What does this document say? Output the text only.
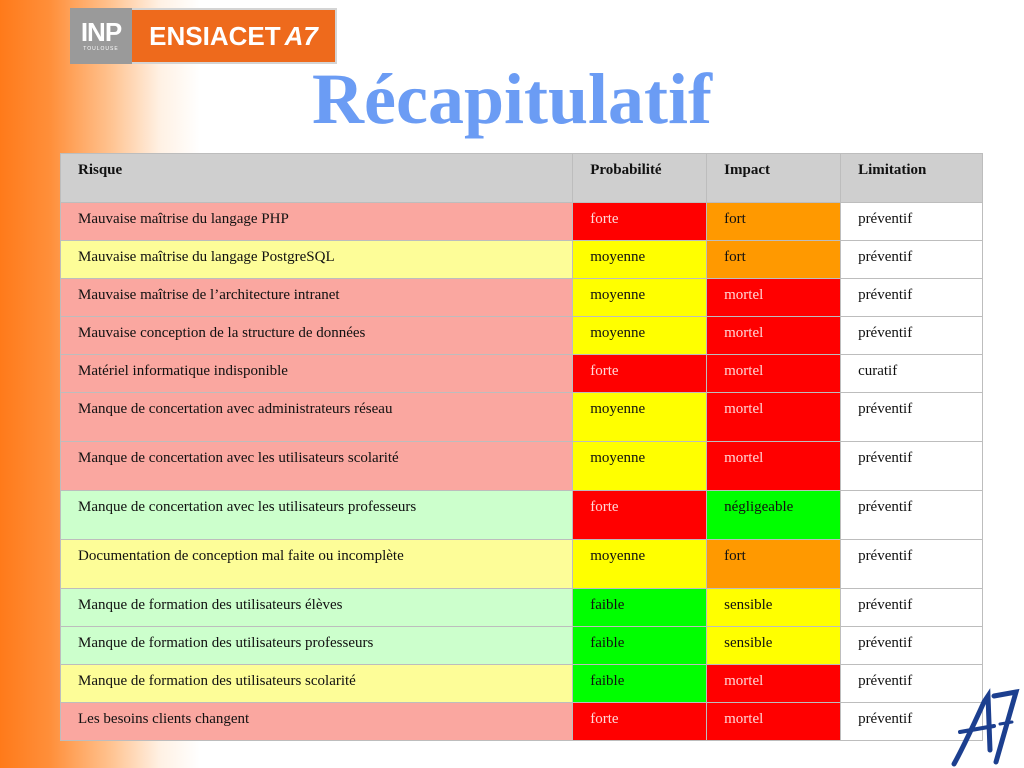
INP
TOULOUSE ENSIACET A7
Récapitulatif
Risque	Probabilité	Impact	Limitation
Mauvaise maîtrise du langage PHP	forte	fort	préventif
Mauvaise maîtrise du langage PostgreSQL	moyenne	fort	préventif
Mauvaise maîtrise de l’architecture intranet	moyenne	mortel	préventif
Mauvaise conception de la structure de données	moyenne	mortel	préventif
Matériel informatique indisponible	forte	mortel	curatif
Manque de concertation avec administrateurs réseau	moyenne	mortel	préventif
Manque de concertation avec les utilisateurs scolarité	moyenne	mortel	préventif
Manque de concertation avec les utilisateurs professeurs	forte	négligeable	préventif
Documentation de conception mal faite ou incomplète	moyenne	fort	préventif
Manque de formation des utilisateurs élèves	faible	sensible	préventif
Manque de formation des utilisateurs professeurs	faible	sensible	préventif
Manque de formation des utilisateurs scolarité	faible	mortel	préventif
Les besoins clients changent	forte	mortel	préventif
